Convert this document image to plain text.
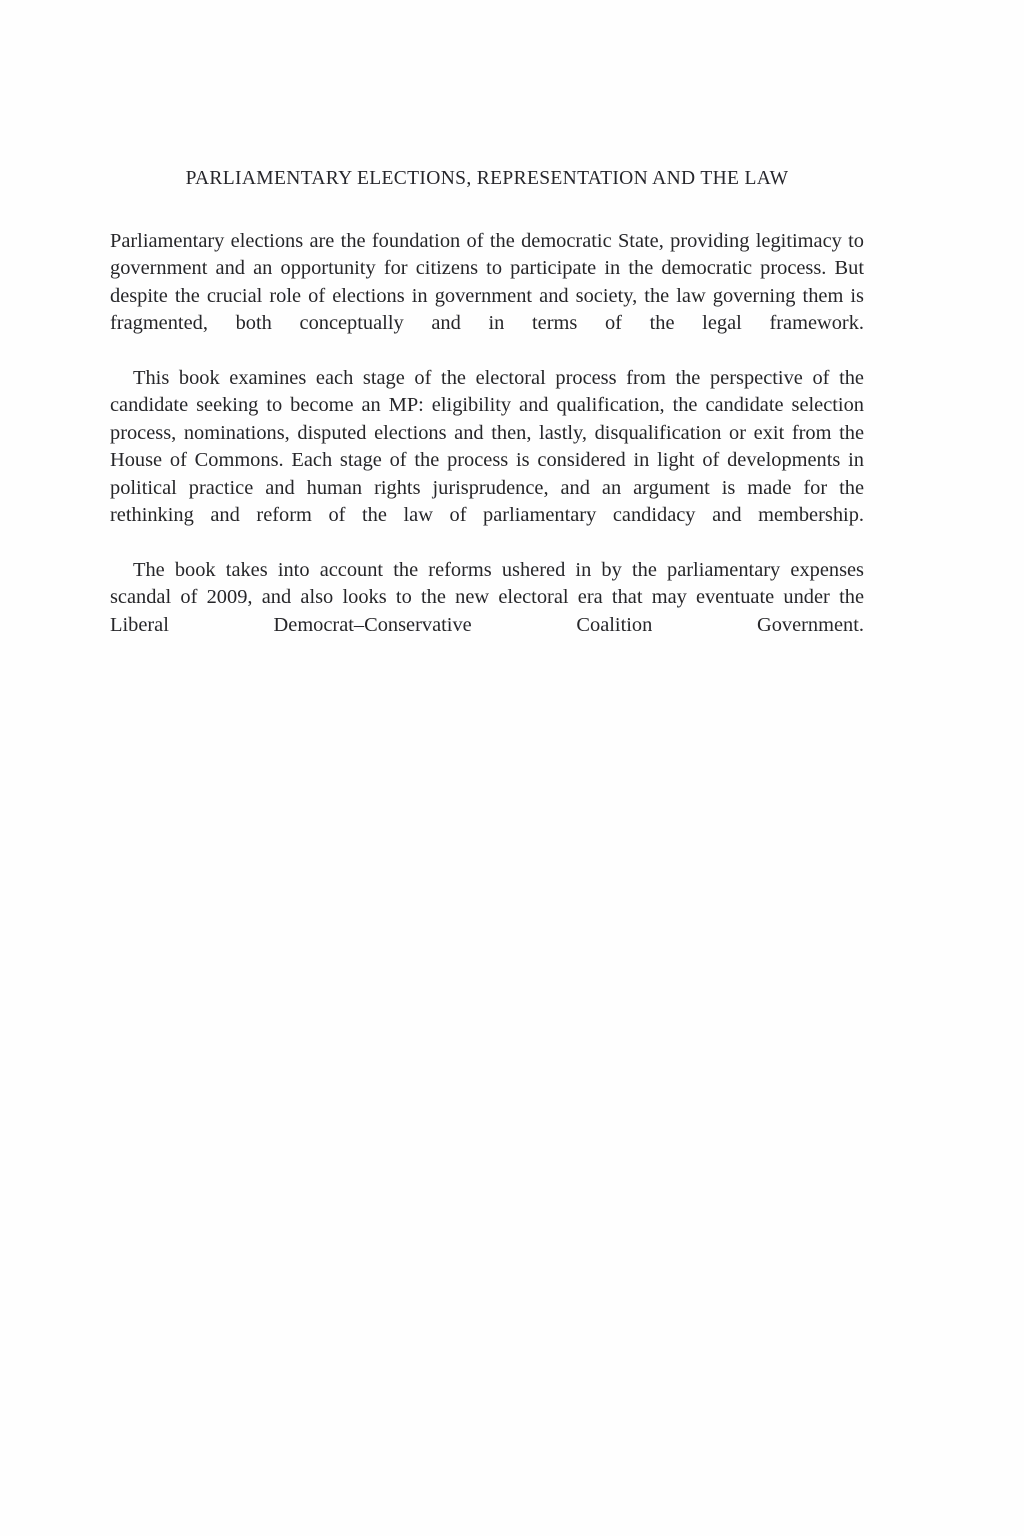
PARLIAMENTARY ELECTIONS, REPRESENTATION AND THE LAW

Parliamentary elections are the foundation of the democratic State, providing legitimacy to government and an opportunity for citizens to participate in the democratic process. But despite the crucial role of elections in government and society, the law governing them is fragmented, both conceptually and in terms of the legal framework.

This book examines each stage of the electoral process from the perspective of the candidate seeking to become an MP: eligibility and qualification, the candidate selection process, nominations, disputed elections and then, lastly, disqualification or exit from the House of Commons. Each stage of the process is considered in light of developments in political practice and human rights jurisprudence, and an argument is made for the rethinking and reform of the law of parliamentary candidacy and membership.

The book takes into account the reforms ushered in by the parliamentary expenses scandal of 2009, and also looks to the new electoral era that may eventuate under the Liberal Democrat–Conservative Coalition Government.
